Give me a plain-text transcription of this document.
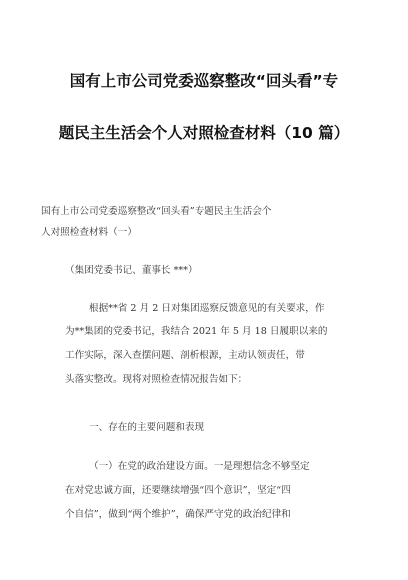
国有上市公司党委巡察整改“回头看”专
题民主生活会个人对照检查材料（10 篇）

国有上市公司党委巡察整改“回头看”专题民主生活会个

人对照检查材料（一）

（集团党委书记、董事长 ***）

根据**省 2 月 2 日对集团巡察反馈意见的有关要求，作

为**集团的党委书记，我结合 2021 年 5 月 18 日履职以来的

工作实际，深入查摆问题、剖析根源，主动认领责任，带

头落实整改。现将对照检查情况报告如下：

一、存在的主要问题和表现

（一）在党的政治建设方面。一是理想信念不够坚定

在对党忠诚方面，还要继续增强“四个意识”，坚定“四

个自信”，做到“两个维护”，确保严守党的政治纪律和
